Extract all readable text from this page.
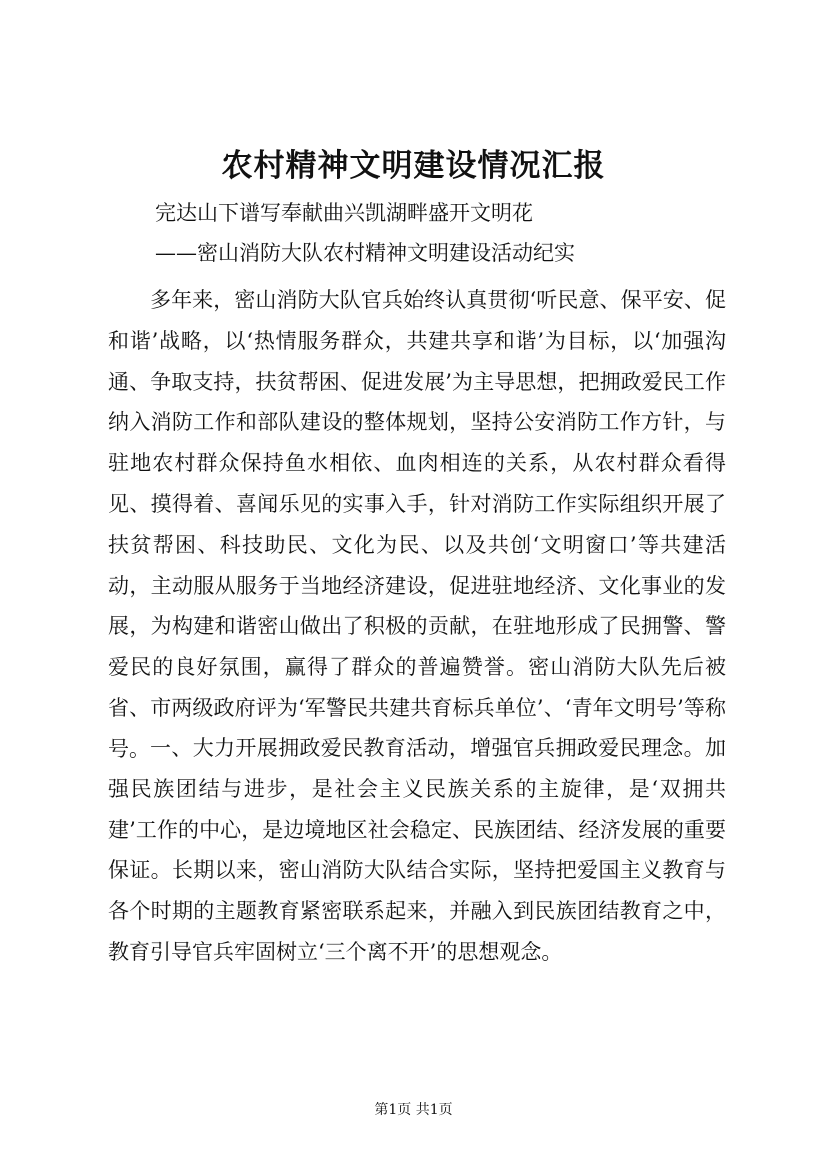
农村精神文明建设情况汇报
完达山下谱写奉献曲兴凯湖畔盛开文明花
——密山消防大队农村精神文明建设活动纪实
多年来，密山消防大队官兵始终认真贯彻‘听民意、保平安、促和谐’战略，以‘热情服务群众，共建共享和谐’为目标，以‘加强沟通、争取支持，扶贫帮困、促进发展’为主导思想，把拥政爱民工作纳入消防工作和部队建设的整体规划，坚持公安消防工作方针，与驻地农村群众保持鱼水相依、血肉相连的关系，从农村群众看得见、摸得着、喜闻乐见的实事入手，针对消防工作实际组织开展了扶贫帮困、科技助民、文化为民、以及共创‘文明窗口’等共建活动，主动服从服务于当地经济建设，促进驻地经济、文化事业的发展，为构建和谐密山做出了积极的贡献，在驻地形成了民拥警、警爱民的良好氛围，赢得了群众的普遍赞誉。密山消防大队先后被省、市两级政府评为‘军警民共建共育标兵单位’、‘青年文明号’等称号。 一、大力开展拥政爱民教育活动，增强官兵拥政爱民理念。加强民族团结与进步，是社会主义民族关系的主旋律，是‘双拥共建’工作的中心，是边境地区社会稳定、民族团结、经济发展的重要保证。长期以来，密山消防大队结合实际，坚持把爱国主义教育与各个时期的主题教育紧密联系起来，并融入到民族团结教育之中，教育引导官兵牢固树立‘三个离不开’的思想观念。
第1页 共1页
